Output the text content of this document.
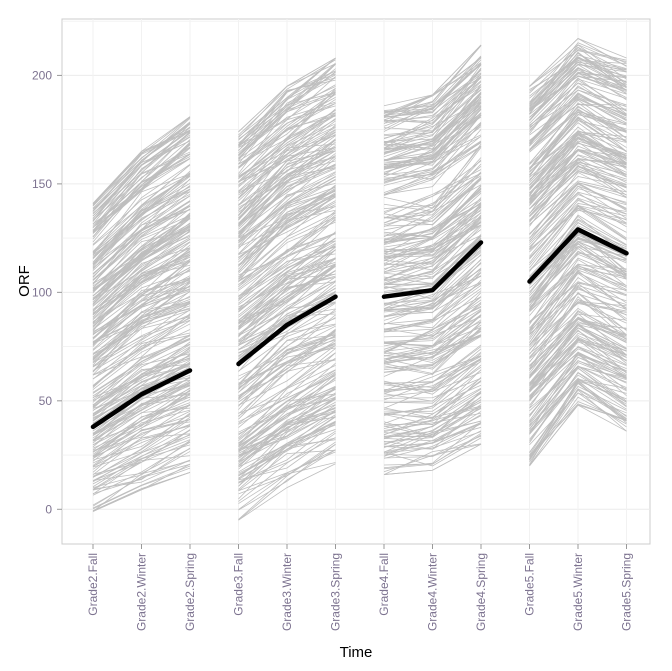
0
50
100
150
200
Grade2.Fall	Grade2.Winter	Grade2.Spring	Grade3.Fall	Grade3.Winter	Grade3.Spring	Grade4.Fall	Grade4.Winter	Grade4.Spring	Grade5.Fall	Grade5.Winter	Grade5.Spring
Time
ORF
